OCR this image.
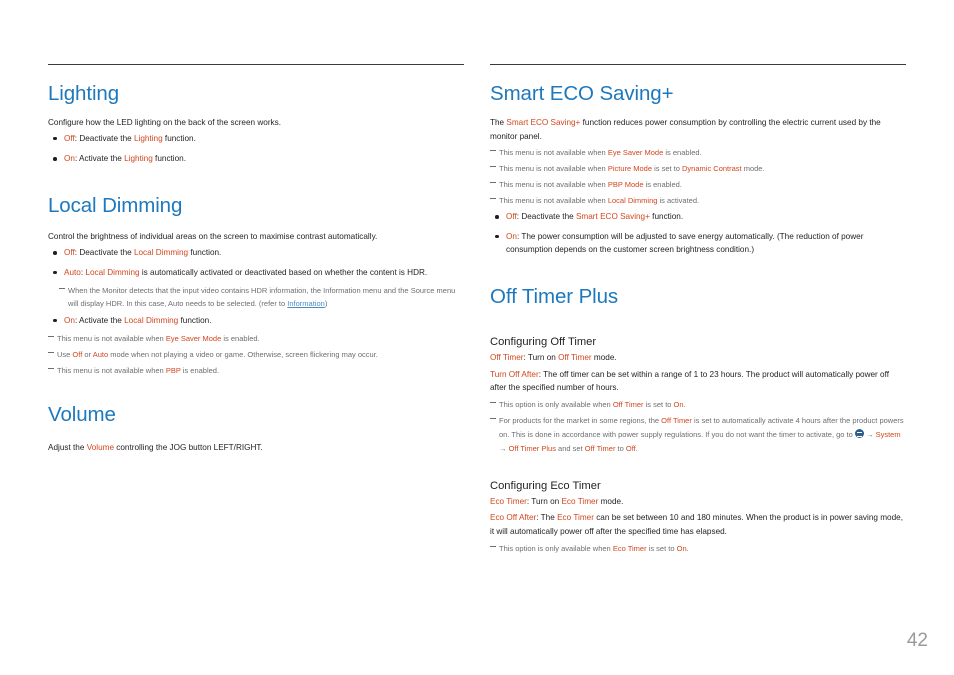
Lighting

Configure how the LED lighting on the back of the screen works.

Off: Deactivate the Lighting function.
On: Activate the Lighting function.
Local Dimming

Control the brightness of individual areas on the screen to maximise contrast automatically.

Off: Deactivate the Local Dimming function.
Auto: Local Dimming is automatically activated or deactivated based on whether the content is HDR.
When the Monitor detects that the input video contains HDR information, the Information menu and the Source menu will display HDR. In this case, Auto needs to be selected. (refer to Information)
On: Activate the Local Dimming function.
This menu is not available when Eye Saver Mode is enabled.
Use Off or Auto mode when not playing a video or game. Otherwise, screen flickering may occur.
This menu is not available when PBP is enabled.
Volume

Adjust the Volume controlling the JOG button LEFT/RIGHT.

Smart ECO Saving+

The Smart ECO Saving+ function reduces power consumption by controlling the electric current used by the monitor panel.

This menu is not available when Eye Saver Mode is enabled.
This menu is not available when Picture Mode is set to Dynamic Contrast mode.
This menu is not available when PBP Mode is enabled.
This menu is not available when Local Dimming is activated.
Off: Deactivate the Smart ECO Saving+ function.
On: The power consumption will be adjusted to save energy automatically. (The reduction of power consumption depends on the customer screen brightness condition.)
Off Timer Plus
Configuring Off Timer

Off Timer: Turn on Off Timer mode.

Turn Off After: The off timer can be set within a range of 1 to 23 hours. The product will automatically power off after the specified number of hours.

This option is only available when Off Timer is set to On.
For products for the market in some regions, the Off Timer is set to automatically activate 4 hours after the product powers on. This is done in accordance with power supply regulations. If you do not want the timer to activate, go to  → System → Off Timer Plus and set Off Timer to Off.
Configuring Eco Timer

Eco Timer: Turn on Eco Timer mode.

Eco Off After: The Eco Timer can be set between 10 and 180 minutes. When the product is in power saving mode, it will automatically power off after the specified time has elapsed.

This option is only available when Eco Timer is set to On.
42
